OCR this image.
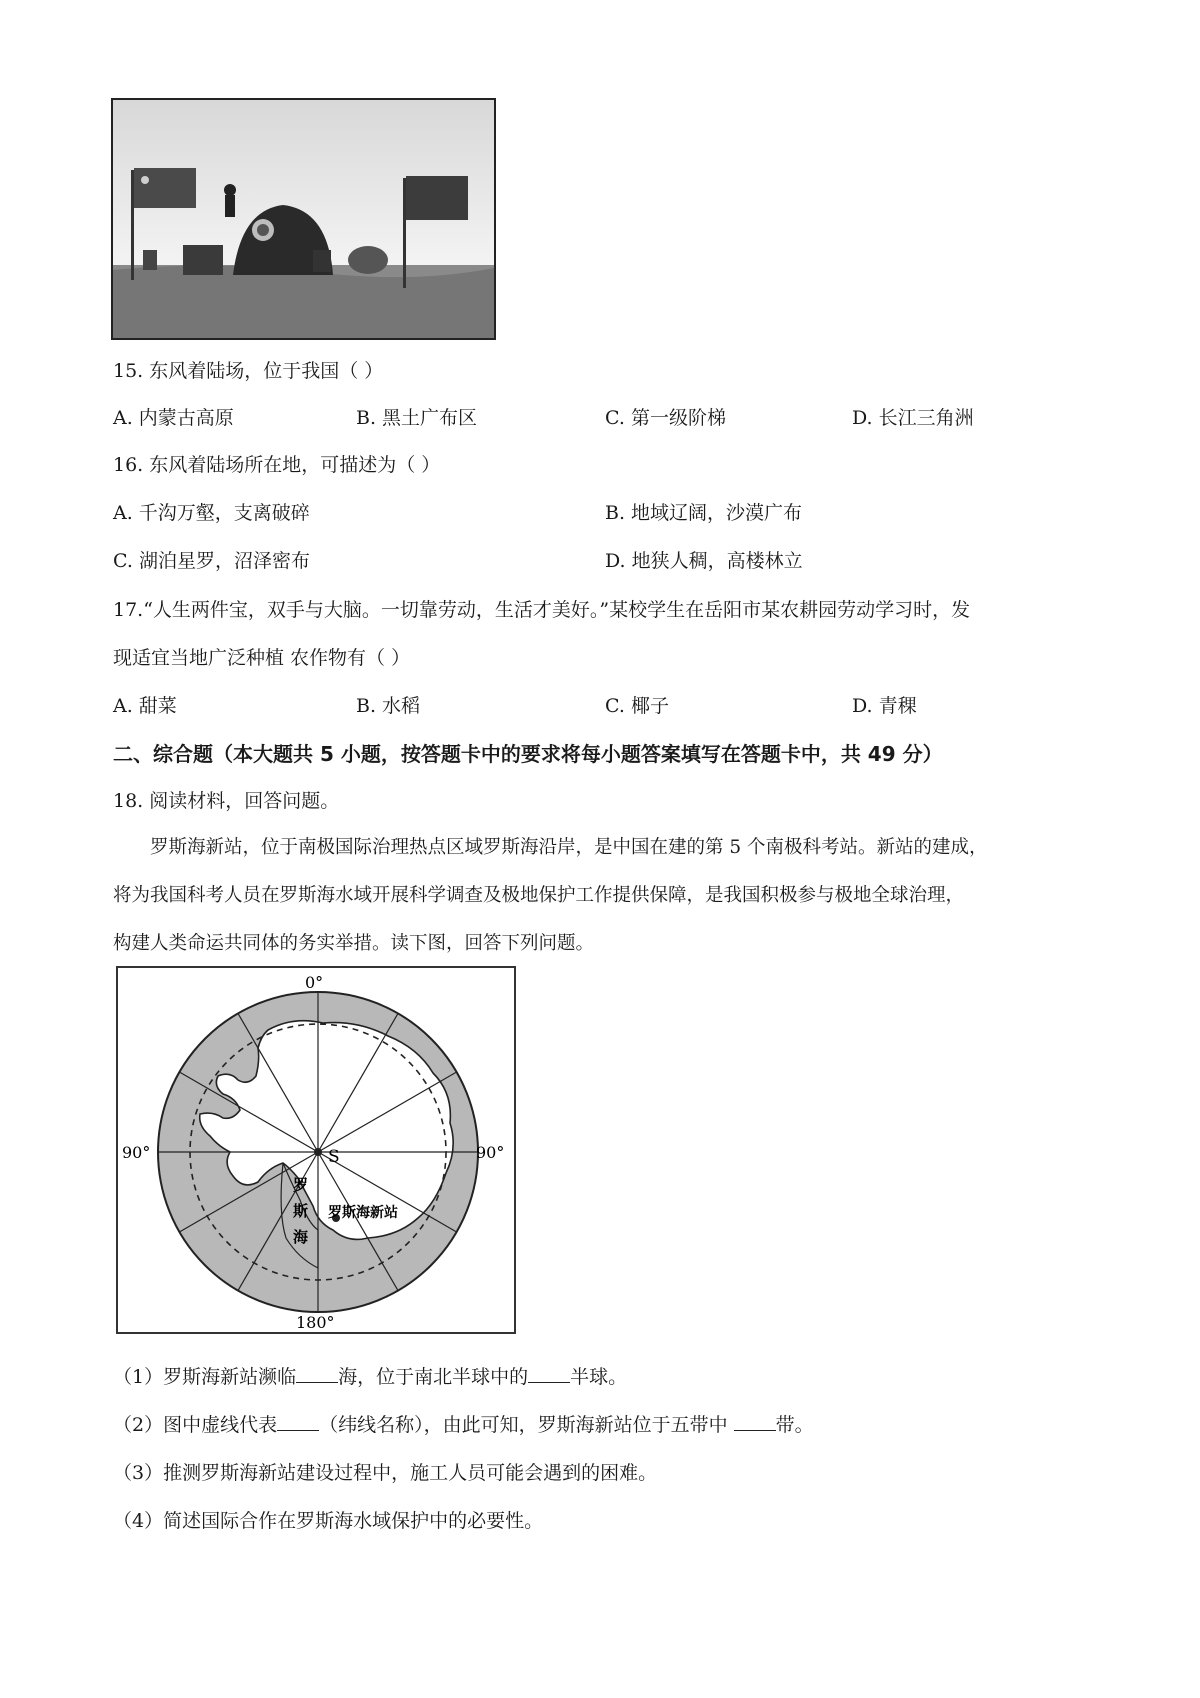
15. 东风着陆场，位于我国（ ）
A. 内蒙古高原	B. 黑土广布区	C. 第一级阶梯	D. 长江三角洲
16. 东风着陆场所在地，可描述为（ ）
A. 千沟万壑，支离破碎	B. 地域辽阔，沙漠广布
C. 湖泊星罗，沼泽密布	D. 地狭人稠，高楼林立
17.“人生两件宝，双手与大脑。一切靠劳动，生活才美好。”某校学生在岳阳市某农耕园劳动学习时，发
现适宜当地广泛种植 农作物有（ ）
A. 甜菜	B. 水稻	C. 椰子	D. 青稞
二、综合题（本大题共 5 小题，按答题卡中的要求将每小题答案填写在答题卡中，共 49 分）
18. 阅读材料，回答问题。
罗斯海新站，位于南极国际治理热点区域罗斯海沿岸，是中国在建的第 5 个南极科考站。新站的建成，
将为我国科考人员在罗斯海水域开展科学调查及极地保护工作提供保障，是我国积极参与极地全球治理，
构建人类命运共同体的务实举措。读下图，回答下列问题。
S
罗斯海新站
罗
斯
海
0°
90°	90°
180°
（1）罗斯海新站濒临 海，位于南北半球中的 半球。
（2）图中虚线代表 （纬线名称），由此可知，罗斯海新站位于五带中 带。
（3）推测罗斯海新站建设过程中，施工人员可能会遇到的困难。
（4）简述国际合作在罗斯海水域保护中的必要性。
